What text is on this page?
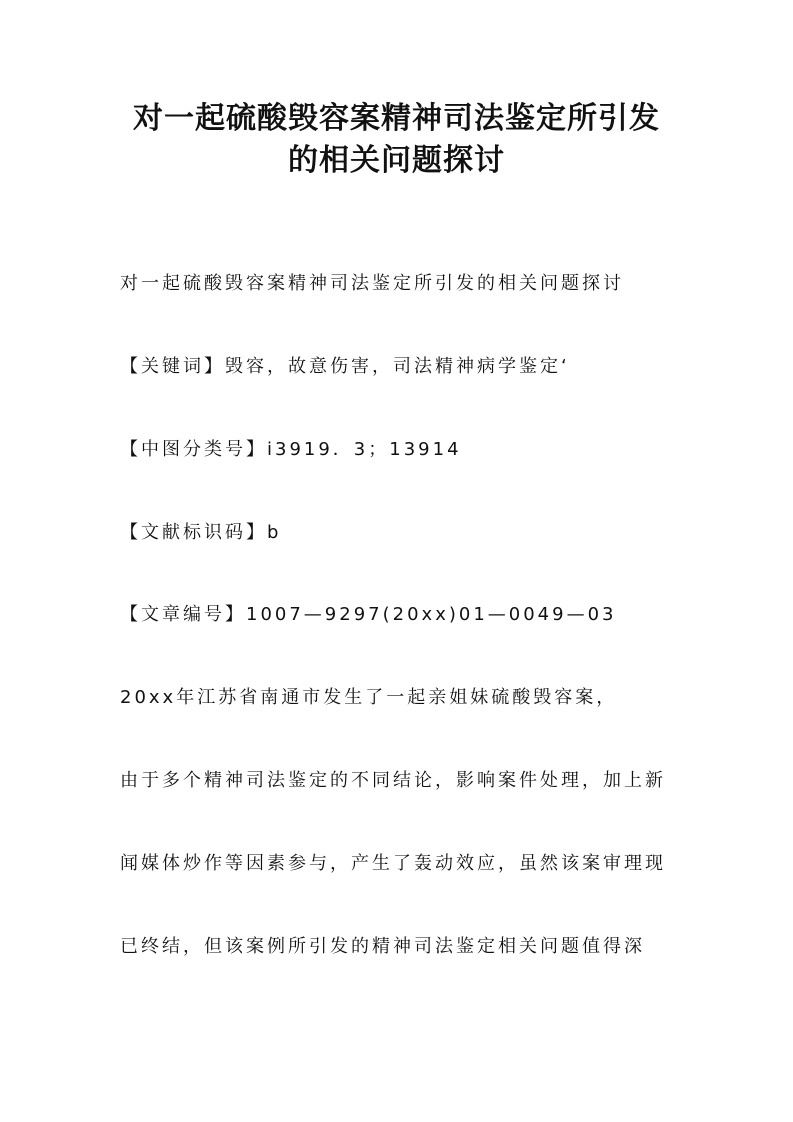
对一起硫酸毁容案精神司法鉴定所引发
的相关问题探讨

对一起硫酸毁容案精神司法鉴定所引发的相关问题探讨

【关键词】毁容，故意伤害，司法精神病学鉴定‘

【中图分类号】i3919．3；13914

【文献标识码】b

【文章编号】1007—9297(20xx)01—0049—03

20xx年江苏省南通市发生了一起亲姐妹硫酸毁容案，

由于多个精神司法鉴定的不同结论，影响案件处理，加上新

闻媒体炒作等因素参与，产生了轰动效应，虽然该案审理现

已终结，但该案例所引发的精神司法鉴定相关问题值得深
